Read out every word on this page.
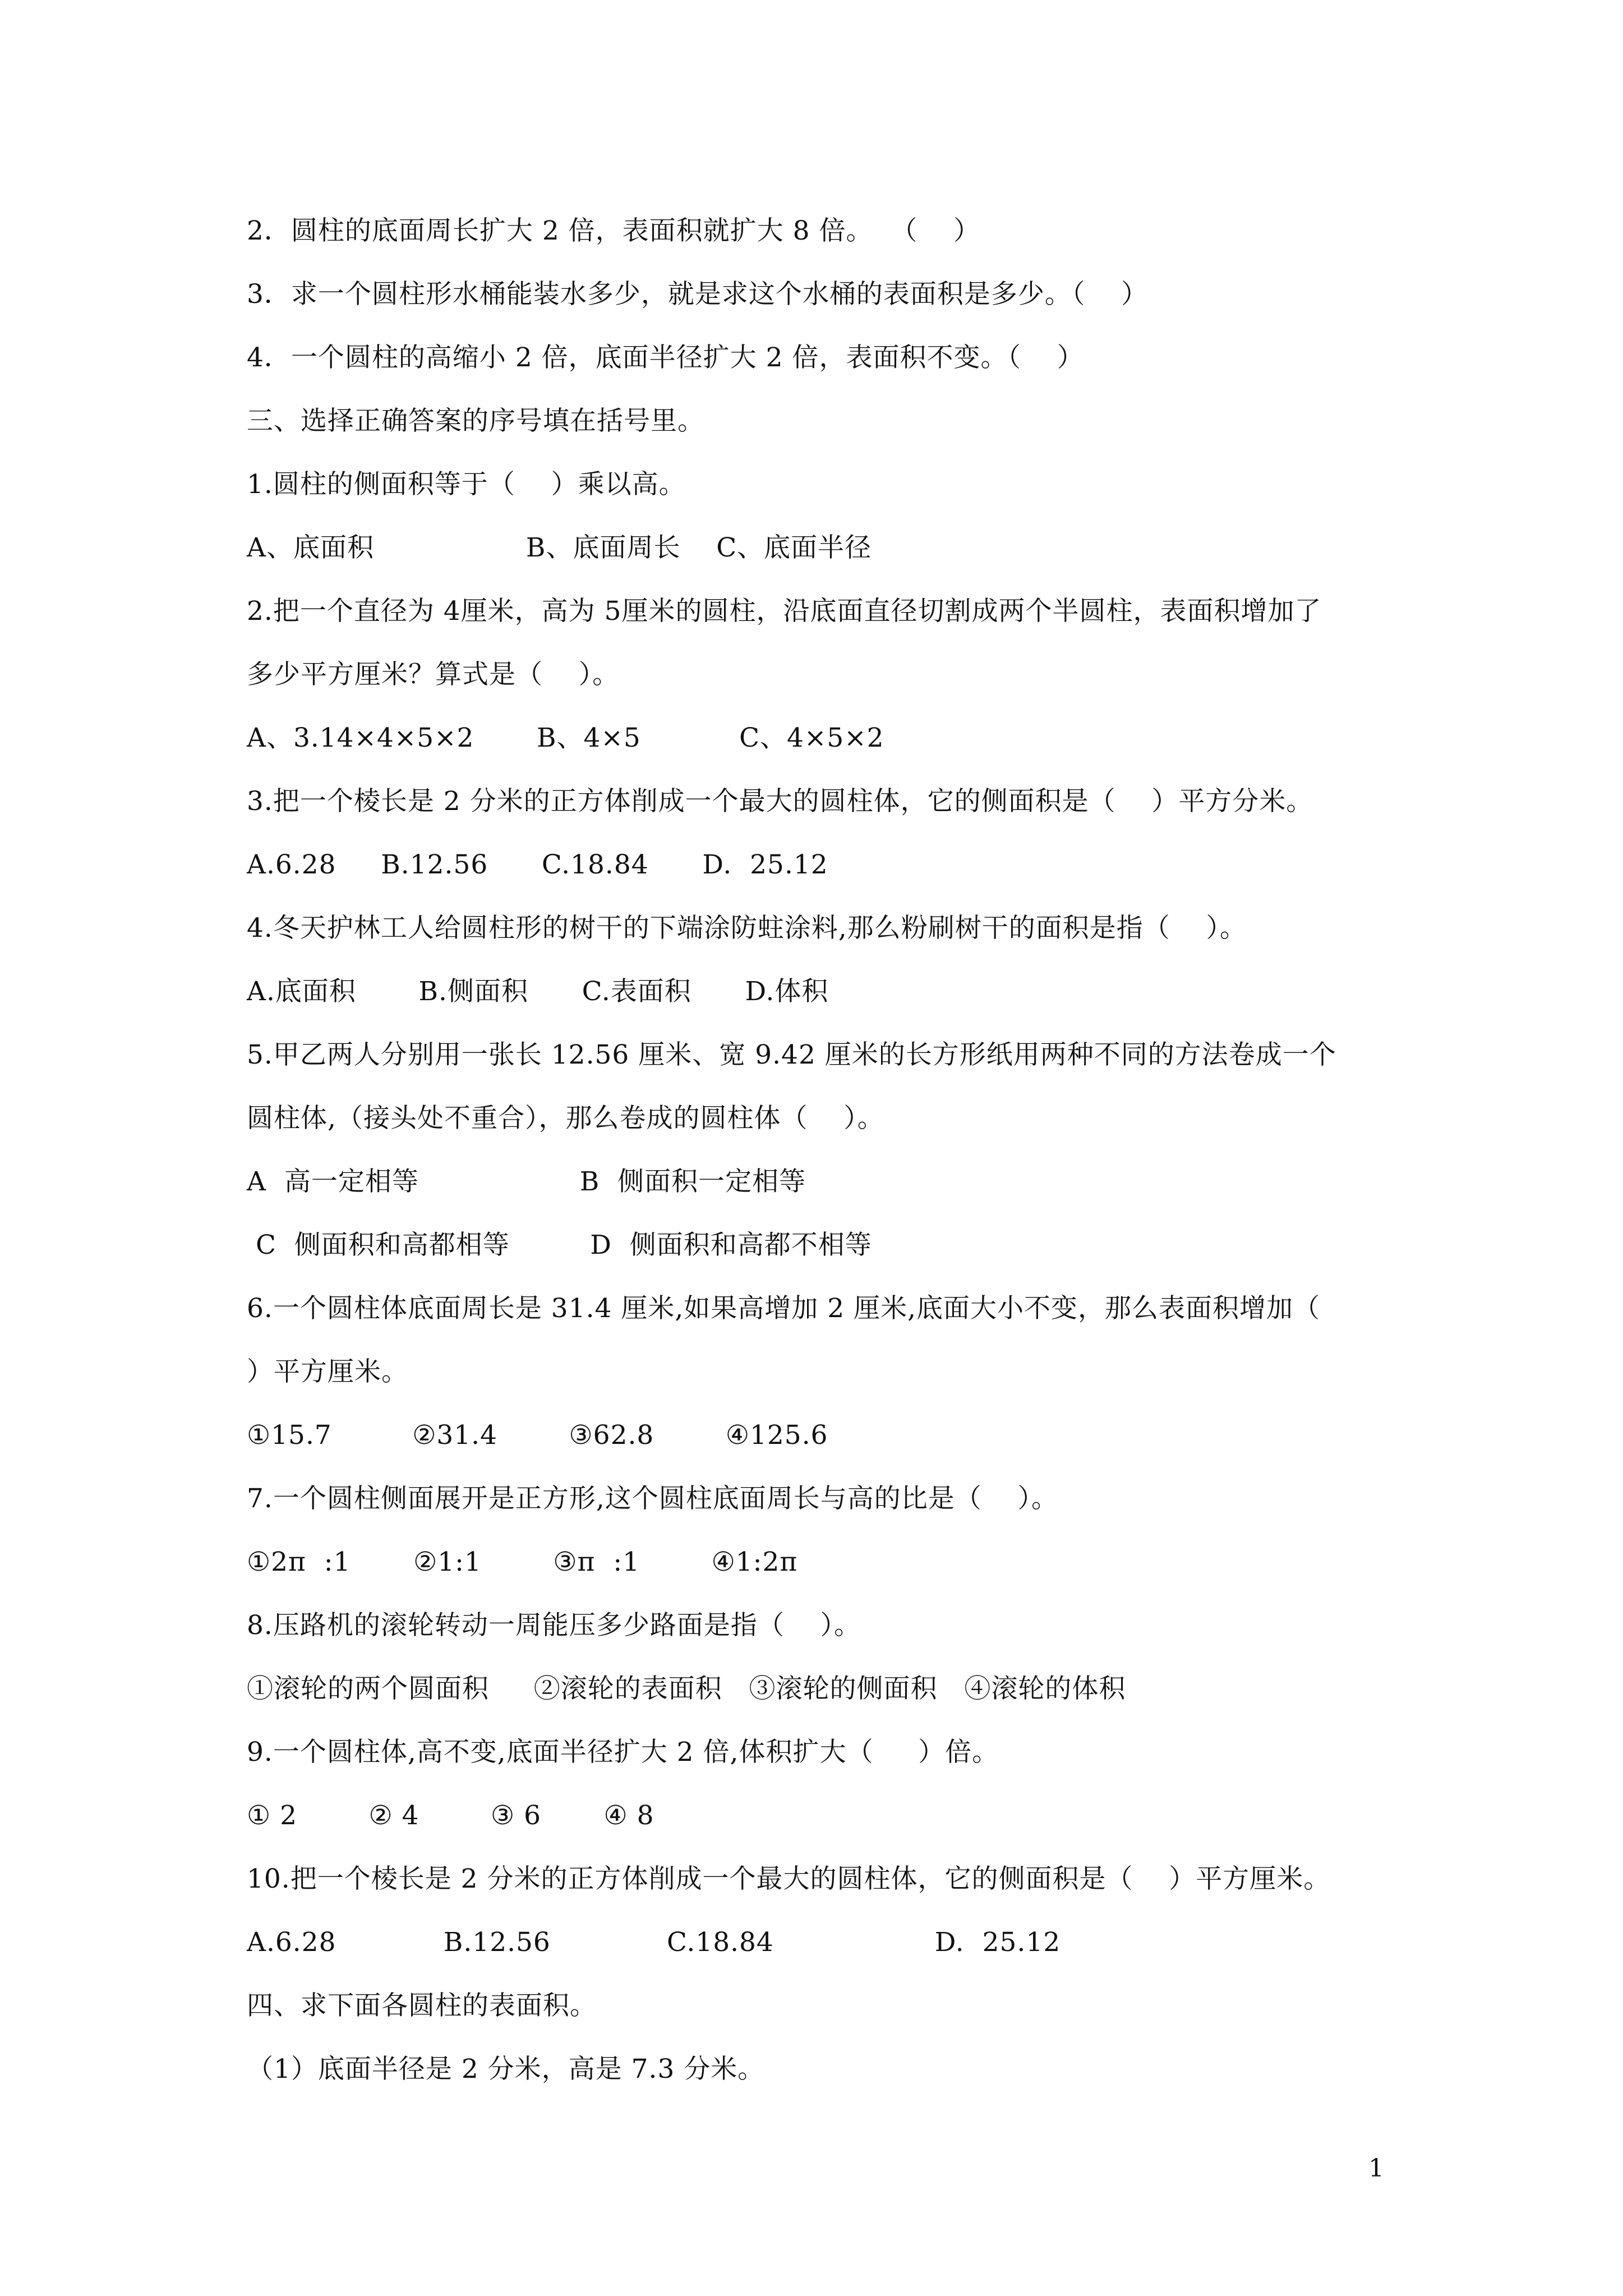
2．圆柱的底面周长扩大 2 倍，表面积就扩大 8 倍。  （    ）
3．求一个圆柱形水桶能装水多少，就是求这个水桶的表面积是多少。（    ）
4．一个圆柱的高缩小 2 倍，底面半径扩大 2 倍，表面积不变。（    ）
三、选择正确答案的序号填在括号里。
1.圆柱的侧面积等于（    ）乘以高。
A、底面积                 B、底面周长    C、底面半径
2.把一个直径为 4厘米，高为 5厘米的圆柱，沿底面直径切割成两个半圆柱，表面积增加了
多少平方厘米？算式是（    ）。
A、3.14×4×5×2       B、4×5           C、4×5×2
3.把一个棱长是 2 分米的正方体削成一个最大的圆柱体，它的侧面积是（    ）平方分米。
A.6.28     B.12.56      C.18.84      D.  25.12
4.冬天护林工人给圆柱形的树干的下端涂防蛀涂料,那么粉刷树干的面积是指（    ）。
A.底面积       B.侧面积      C.表面积      D.体积
5.甲乙两人分别用一张长 12.56 厘米、宽 9.42 厘米的长方形纸用两种不同的方法卷成一个
圆柱体,（接头处不重合），那么卷成的圆柱体（    ）。
A  高一定相等                  B  侧面积一定相等
C  侧面积和高都相等         D  侧面积和高都不相等
6.一个圆柱体底面周长是 31.4 厘米,如果高增加 2 厘米,底面大小不变，那么表面积增加（
）平方厘米。
①15.7         ②31.4        ③62.8        ④125.6
7.一个圆柱侧面展开是正方形,这个圆柱底面周长与高的比是（    ）。
①2π  :1       ②1:1        ③π  :1        ④1:2π
8.压路机的滚轮转动一周能压多少路面是指（    ）。
①滚轮的两个圆面积     ②滚轮的表面积   ③滚轮的侧面积   ④滚轮的体积
9.一个圆柱体,高不变,底面半径扩大 2 倍,体积扩大（     ）倍。
① 2        ② 4        ③ 6       ④ 8
10.把一个棱长是 2 分米的正方体削成一个最大的圆柱体，它的侧面积是（    ）平方厘米。
A.6.28            B.12.56             C.18.84                  D.  25.12
四、求下面各圆柱的表面积。
（1）底面半径是 2 分米，高是 7.3 分米。
1
